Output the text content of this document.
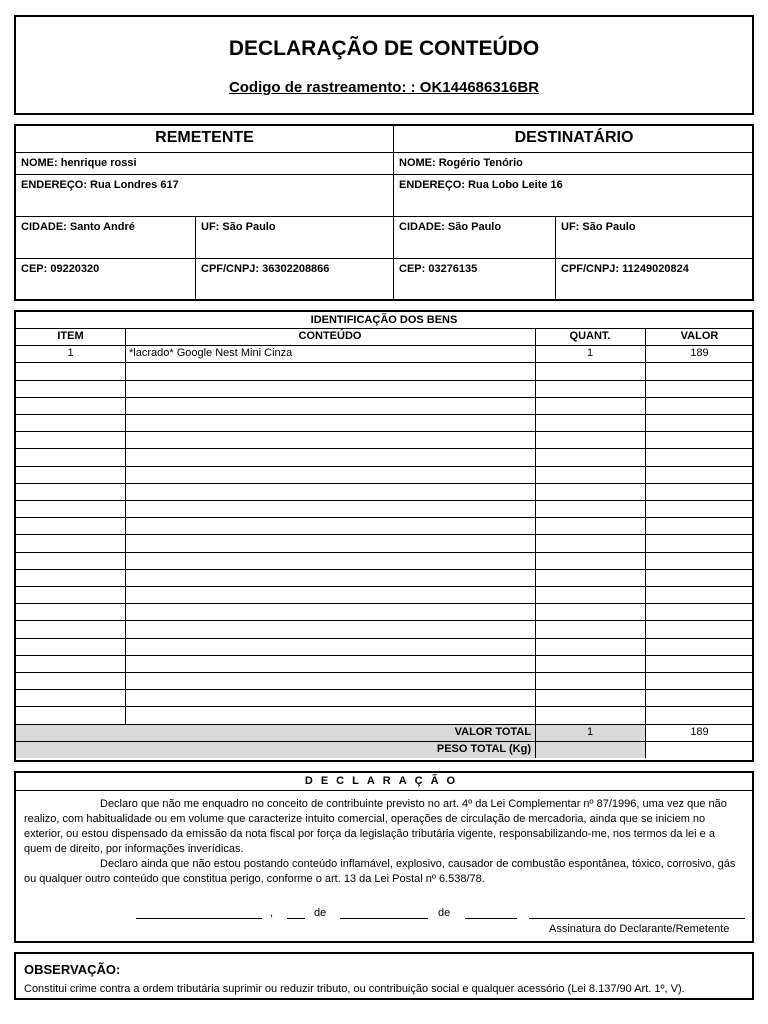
DECLARAÇÃO DE CONTEÚDO
Codigo de rastreamento: : OK144686316BR
REMETENTE	DESTINATÁRIO
NOME: henrique rossi	NOME: Rogério Tenório
ENDEREÇO: Rua Londres 617	ENDEREÇO: Rua Lobo Leite 16
CIDADE: Santo André	UF: São Paulo	CIDADE: São Paulo	UF: São Paulo
CEP: 09220320	CPF/CNPJ: 36302208866	CEP: 03276135	CPF/CNPJ: 11249020824
IDENTIFICAÇÃO DOS BENS
ITEM	CONTEÚDO	QUANT.	VALOR
1	*lacrado* Google Nest Mini Cinza	1	189
VALOR TOTAL	1	189
PESO TOTAL (Kg)
DECLARAÇÃO

Declaro que não me enquadro no conceito de contribuinte previsto no art. 4º da Lei Complementar nº 87/1996, uma vez que não realizo, com habitualidade ou em volume que caracterize intuito comercial, operações de circulação de mercadoria, ainda que se iniciem no exterior, ou estou dispensado da emissão da nota fiscal por força da legislação tributária vigente, responsabilizando-me, nos termos da lei e a quem de direito, por informações inverídicas.

Declaro ainda que não estou postando conteúdo inflamável, explosivo, causador de combustão espontânea, tóxico, corrosivo, gás ou qualquer outro conteúdo que constitua perigo, conforme o art. 13 da Lei Postal nº 6.538/78.

,	de	de
Assinatura do Declarante/Remetente
OBSERVAÇÃO:
Constitui crime contra a ordem tributária suprimir ou reduzir tributo, ou contribuição social e qualquer acessório (Lei 8.137/90 Art. 1º, V).
